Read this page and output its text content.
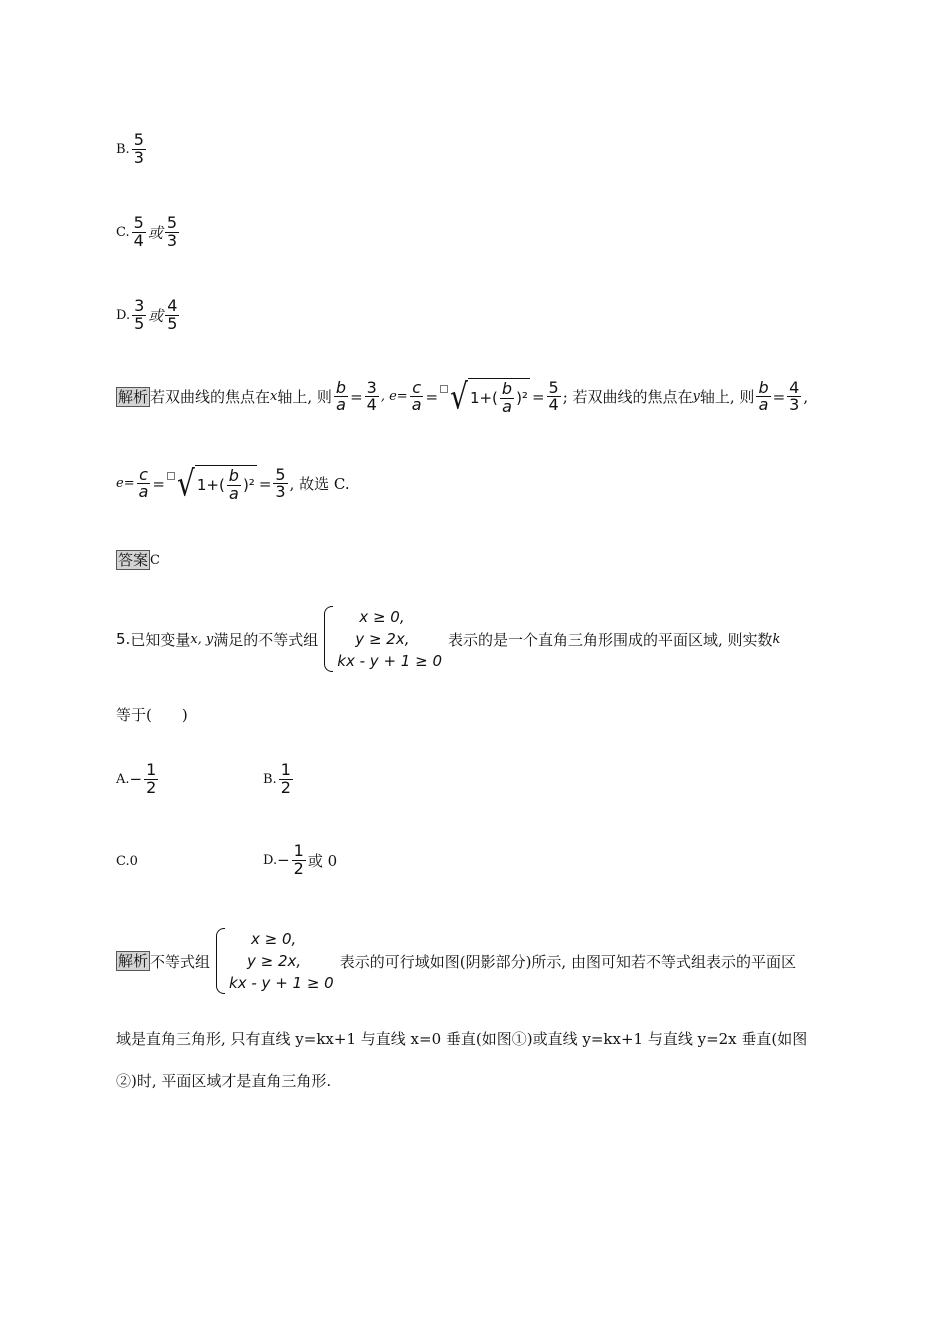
B. $\frac{5}{3}$
C. $\frac{5}{4}$ 或 $\frac{5}{3}$
D. $\frac{3}{5}$ 或 $\frac{4}{5}$
解析 若双曲线的焦点在 x 轴上, 则 $\frac{b}{a} = \frac{3}{4}$ , $e= \frac{c}{a}$ = √ $1+( \frac{b}{a} )^2 = \frac{5}{4}$ ; 若双曲线的焦点在 y 轴上, 则 $\frac{b}{a} = \frac{4}{3}$ ,
$e= \frac{c}{a}$ = √ $1+( \frac{b}{a} )^2 = \frac{5}{3}$ , 故选 C.
答案 C
5. 已知变量 x, y 满足的不等式组
x ≥ 0,
y ≥ 2x,
kx - y + 1 ≥ 0
表示的是一个直角三角形围成的平面区域, 则实数 k
等于(　　)
A. − $\frac{1}{2}$	B. $\frac{1}{2}$
C. 0	D. − $\frac{1}{2}$ 或 0
解析 不等式组
x ≥ 0,
y ≥ 2x,
kx - y + 1 ≥ 0
表示的可行域如图(阴影部分)所示, 由图可知若不等式组表示的平面区
域是直角三角形, 只有直线 y=kx+1 与直线 x=0 垂直(如图①)或直线 y=kx+1 与直线 y=2x 垂直(如图
②)时, 平面区域才是直角三角形.
